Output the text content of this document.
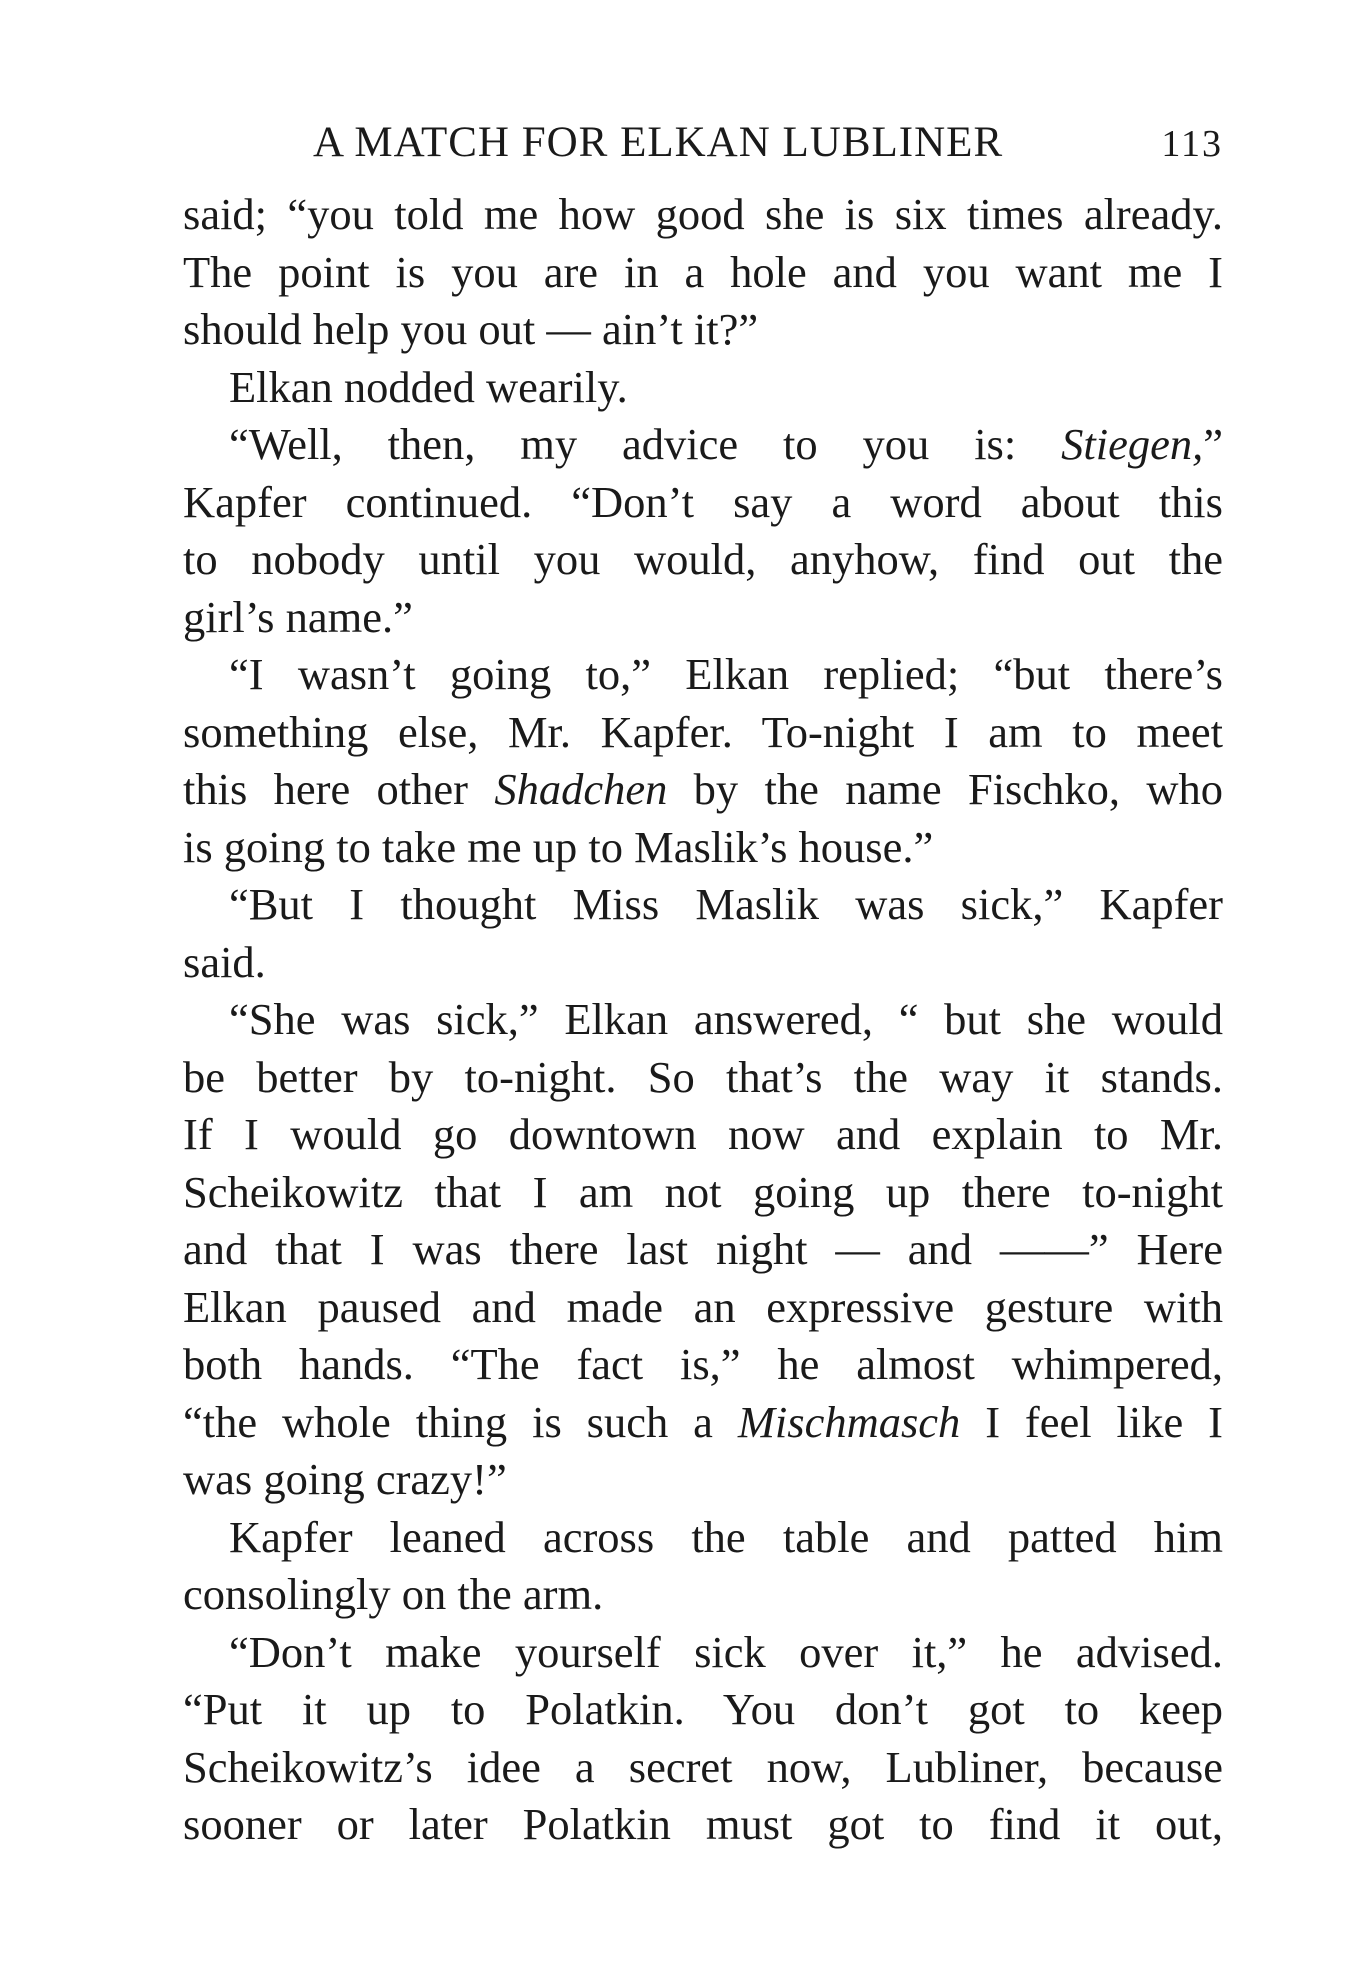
A MATCH FOR ELKAN LUBLINER	113
said; “you told me how good she is six times already.
The point is you are in a hole and you want me I
should help you out — ain’t it?”
Elkan nodded wearily.
“Well, then, my advice to you is: Stiegen,”
Kapfer continued. “Don’t say a word about this
to nobody until you would, anyhow, find out the
girl’s name.”
“I wasn’t going to,” Elkan replied; “but there’s
something else, Mr. Kapfer. To-night I am to meet
this here other Shadchen by the name Fischko, who
is going to take me up to Maslik’s house.”
“But I thought Miss Maslik was sick,” Kapfer
said.
“She was sick,” Elkan answered, “ but she would
be better by to-night. So that’s the way it stands.
If I would go downtown now and explain to Mr.
Scheikowitz that I am not going up there to-night
and that I was there last night — and ——” Here
Elkan paused and made an expressive gesture with
both hands. “The fact is,” he almost whimpered,
“the whole thing is such a Mischmasch I feel like I
was going crazy!”
Kapfer leaned across the table and patted him
consolingly on the arm.
“Don’t make yourself sick over it,” he advised.
“Put it up to Polatkin. You don’t got to keep
Scheikowitz’s idee a secret now, Lubliner, because
sooner or later Polatkin must got to find it out,
